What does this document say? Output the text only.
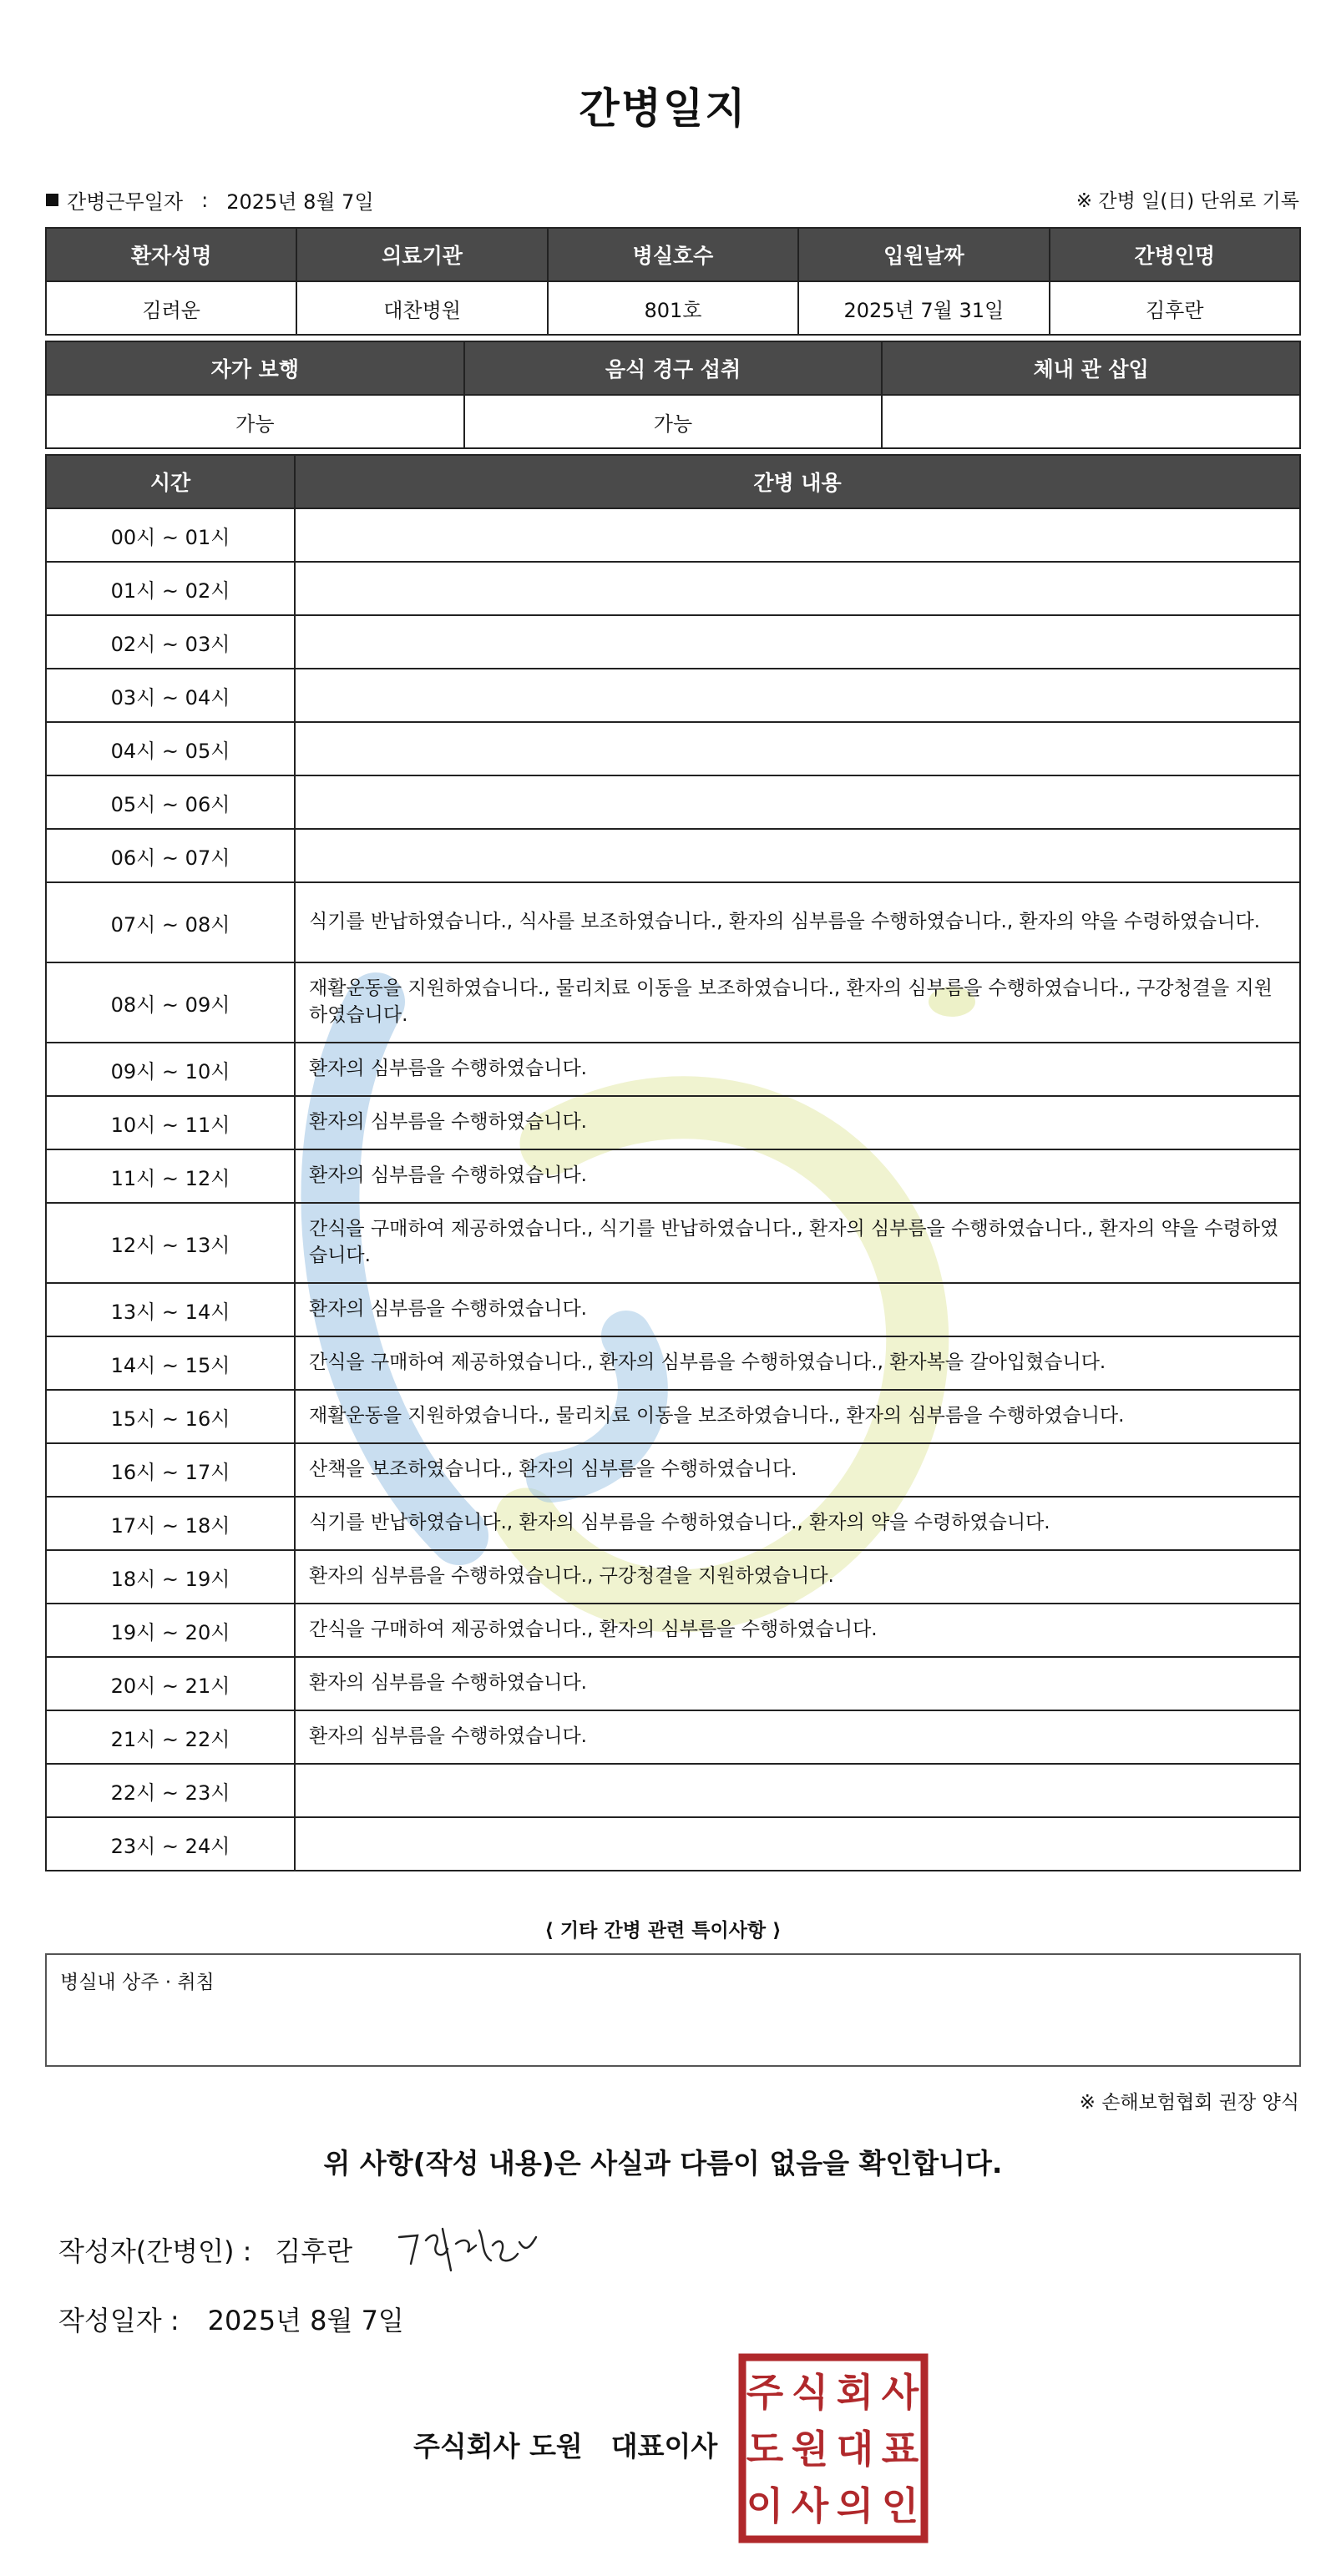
간병일지
간병근무일자 : 2025년 8월 7일	※ 간병 일(日) 단위로 기록
환자성명	의료기관	병실호수	입원날짜	간병인명
김려운	대찬병원	801호	2025년 7월 31일	김후란
자가 보행	음식 경구 섭취	체내 관 삽입
가능	가능	
시간	간병 내용
00시 ~ 01시	
01시 ~ 02시	
02시 ~ 03시	
03시 ~ 04시	
04시 ~ 05시	
05시 ~ 06시	
06시 ~ 07시	
07시 ~ 08시	식기를 반납하였습니다., 식사를 보조하였습니다., 환자의 심부름을 수행하였습니다., 환자의 약을 수령하였습니다.
08시 ~ 09시	재활운동을 지원하였습니다., 물리치료 이동을 보조하였습니다., 환자의 심부름을 수행하였습니다., 구강청결을 지원하였습니다.
09시 ~ 10시	환자의 심부름을 수행하였습니다.
10시 ~ 11시	환자의 심부름을 수행하였습니다.
11시 ~ 12시	환자의 심부름을 수행하였습니다.
12시 ~ 13시	간식을 구매하여 제공하였습니다., 식기를 반납하였습니다., 환자의 심부름을 수행하였습니다., 환자의 약을 수령하였습니다.
13시 ~ 14시	환자의 심부름을 수행하였습니다.
14시 ~ 15시	간식을 구매하여 제공하였습니다., 환자의 심부름을 수행하였습니다., 환자복을 갈아입혔습니다.
15시 ~ 16시	재활운동을 지원하였습니다., 물리치료 이동을 보조하였습니다., 환자의 심부름을 수행하였습니다.
16시 ~ 17시	산책을 보조하였습니다., 환자의 심부름을 수행하였습니다.
17시 ~ 18시	식기를 반납하였습니다., 환자의 심부름을 수행하였습니다., 환자의 약을 수령하였습니다.
18시 ~ 19시	환자의 심부름을 수행하였습니다., 구강청결을 지원하였습니다.
19시 ~ 20시	간식을 구매하여 제공하였습니다., 환자의 심부름을 수행하였습니다.
20시 ~ 21시	환자의 심부름을 수행하였습니다.
21시 ~ 22시	환자의 심부름을 수행하였습니다.
22시 ~ 23시	
23시 ~ 24시	
⟨ 기타 간병 관련 특이사항 ⟩
병실내 상주 · 취침
※ 손해보험협회 권장 양식
위 사항(작성 내용)은 사실과 다름이 없음을 확인합니다.
작성자(간병인) : 김후란
작성일자 : 2025년 8월 7일
주식회사 도원 대표이사
주 식 회 사
도 원 대 표
이 사 의 인
